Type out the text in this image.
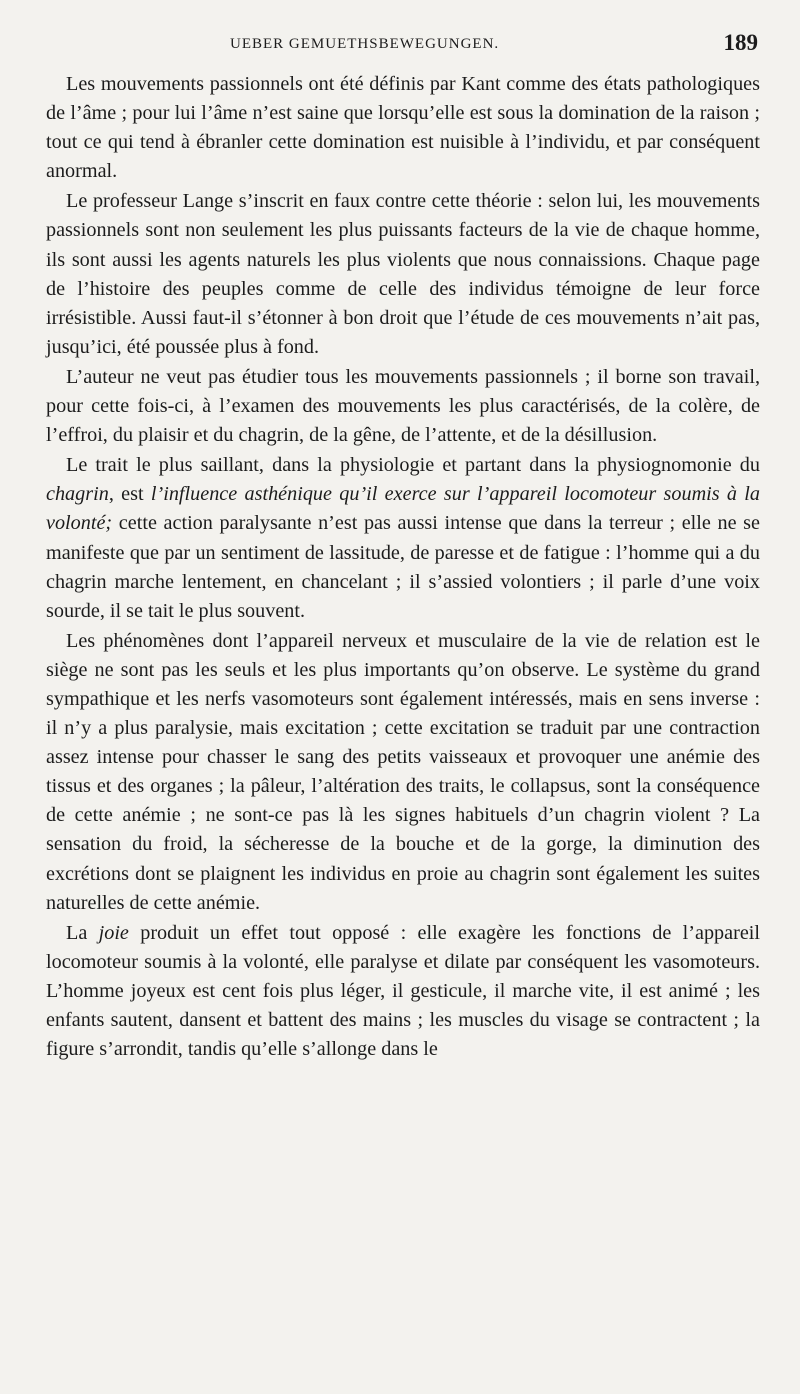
UEBER GEMUETHSBEWEGUNGEN.	189

Les mouvements passionnels ont été définis par Kant comme des états pathologiques de l’âme ; pour lui l’âme n’est saine que lorsqu’elle est sous la domination de la raison ; tout ce qui tend à ébranler cette domination est nuisible à l’individu, et par conséquent anormal.

Le professeur Lange s’inscrit en faux contre cette théorie : selon lui, les mouvements passionnels sont non seulement les plus puissants facteurs de la vie de chaque homme, ils sont aussi les agents naturels les plus violents que nous connaissions. Chaque page de l’histoire des peuples comme de celle des individus témoigne de leur force irrésistible. Aussi faut-il s’étonner à bon droit que l’étude de ces mouvements n’ait pas, jusqu’ici, été poussée plus à fond.

L’auteur ne veut pas étudier tous les mouvements passionnels ; il borne son travail, pour cette fois-ci, à l’examen des mouvements les plus caractérisés, de la colère, de l’effroi, du plaisir et du chagrin, de la gêne, de l’attente, et de la désillusion.

Le trait le plus saillant, dans la physiologie et partant dans la physiognomonie du chagrin, est l’influence asthénique qu’il exerce sur l’appareil locomoteur soumis à la volonté; cette action paralysante n’est pas aussi intense que dans la terreur ; elle ne se manifeste que par un sentiment de lassitude, de paresse et de fatigue : l’homme qui a du chagrin marche lentement, en chancelant ; il s’assied volontiers ; il parle d’une voix sourde, il se tait le plus souvent.

Les phénomènes dont l’appareil nerveux et musculaire de la vie de relation est le siège ne sont pas les seuls et les plus importants qu’on observe. Le système du grand sympathique et les nerfs vasomoteurs sont également intéressés, mais en sens inverse : il n’y a plus paralysie, mais excitation ; cette excitation se traduit par une contraction assez intense pour chasser le sang des petits vaisseaux et provoquer une anémie des tissus et des organes ; la pâleur, l’altération des traits, le collapsus, sont la conséquence de cette anémie ; ne sont-ce pas là les signes habituels d’un chagrin violent ? La sensation du froid, la sécheresse de la bouche et de la gorge, la diminution des excrétions dont se plaignent les individus en proie au chagrin sont également les suites naturelles de cette anémie.

La joie produit un effet tout opposé : elle exagère les fonctions de l’appareil locomoteur soumis à la volonté, elle paralyse et dilate par conséquent les vasomoteurs. L’homme joyeux est cent fois plus léger, il gesticule, il marche vite, il est animé ; les enfants sautent, dansent et battent des mains ; les muscles du visage se contractent ; la figure s’arrondit, tandis qu’elle s’allonge dans le
